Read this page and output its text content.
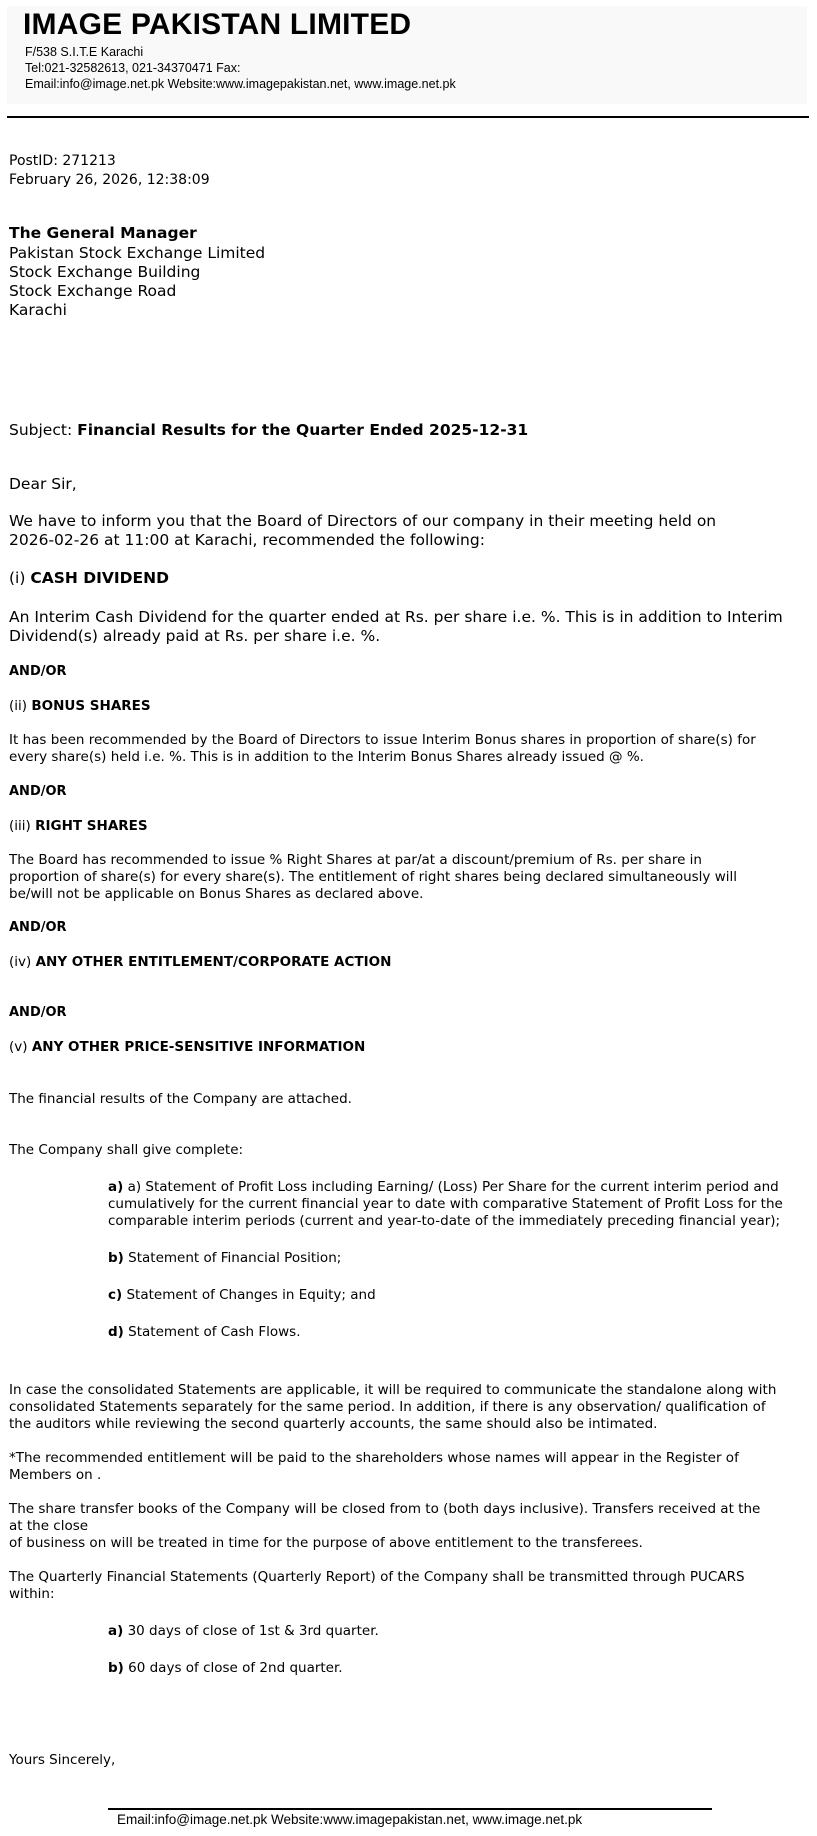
IMAGE PAKISTAN LIMITED
F/538 S.I.T.E Karachi
Tel:021-32582613, 021-34370471 Fax:
Email:info@image.net.pk Website:www.imagepakistan.net, www.image.net.pk
PostID: 271213
February 26, 2026, 12:38:09
The General Manager
Pakistan Stock Exchange Limited
Stock Exchange Building
Stock Exchange Road
Karachi
Subject: Financial Results for the Quarter Ended 2025-12-31
Dear Sir,
We have to inform you that the Board of Directors of our company in their meeting held on
2026-02-26 at 11:00 at Karachi, recommended the following:
(i) CASH DIVIDEND
An Interim Cash Dividend for the quarter ended at Rs. per share i.e. %. This is in addition to Interim
Dividend(s) already paid at Rs. per share i.e. %.
AND/OR
(ii) BONUS SHARES
It has been recommended by the Board of Directors to issue Interim Bonus shares in proportion of share(s) for
every share(s) held i.e. %. This is in addition to the Interim Bonus Shares already issued @ %.
AND/OR
(iii) RIGHT SHARES
The Board has recommended to issue % Right Shares at par/at a discount/premium of Rs. per share in
proportion of share(s) for every share(s). The entitlement of right shares being declared simultaneously will
be/will not be applicable on Bonus Shares as declared above.
AND/OR
(iv) ANY OTHER ENTITLEMENT/CORPORATE ACTION
AND/OR
(v) ANY OTHER PRICE-SENSITIVE INFORMATION
The financial results of the Company are attached.
The Company shall give complete:
a) a) Statement of Profit Loss including Earning/ (Loss) Per Share for the current interim period and
cumulatively for the current financial year to date with comparative Statement of Profit Loss for the
comparable interim periods (current and year-to-date of the immediately preceding financial year);
b) Statement of Financial Position;
c) Statement of Changes in Equity; and
d) Statement of Cash Flows.
In case the consolidated Statements are applicable, it will be required to communicate the standalone along with
consolidated Statements separately for the same period. In addition, if there is any observation/ qualification of
the auditors while reviewing the second quarterly accounts, the same should also be intimated.
*The recommended entitlement will be paid to the shareholders whose names will appear in the Register of
Members on .
The share transfer books of the Company will be closed from to (both days inclusive). Transfers received at the
at the close
of business on will be treated in time for the purpose of above entitlement to the transferees.
The Quarterly Financial Statements (Quarterly Report) of the Company shall be transmitted through PUCARS
within:
a) 30 days of close of 1st & 3rd quarter.
b) 60 days of close of 2nd quarter.
Yours Sincerely,
Email:info@image.net.pk Website:www.imagepakistan.net, www.image.net.pk
